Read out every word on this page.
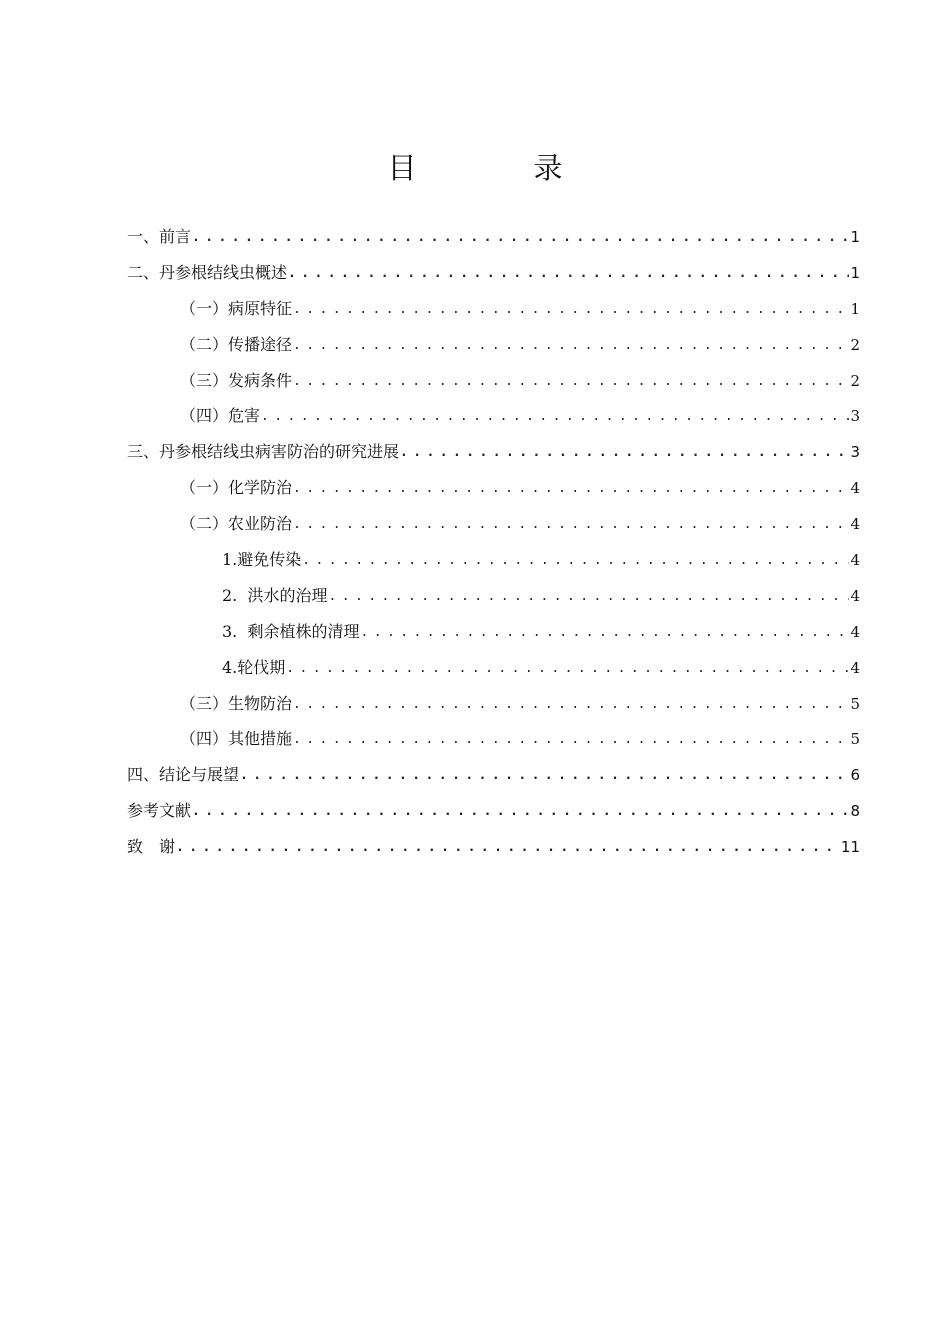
目　录
一、前言 . . .	1
二、丹参根结线虫概述 . . .	1
（一）病原特征 . . .	1
（二）传播途径 . . .	2
（三）发病条件 . . .	2
（四）危害 . . .	3
三、丹参根结线虫病害防治的研究进展 . . .	3
（一）化学防治 . . .	4
（二）农业防治 . . .	4
1.避免传染 . . .	4
2.  洪水的治理 . . .	4
3.  剩余植株的清理 . . .	4
4.轮伐期 . . .	4
（三）生物防治 . . .	5
（四）其他措施 . . .	5
四、结论与展望 . . .	6
参考文献 . . .	8
致　谢 . . .	11
